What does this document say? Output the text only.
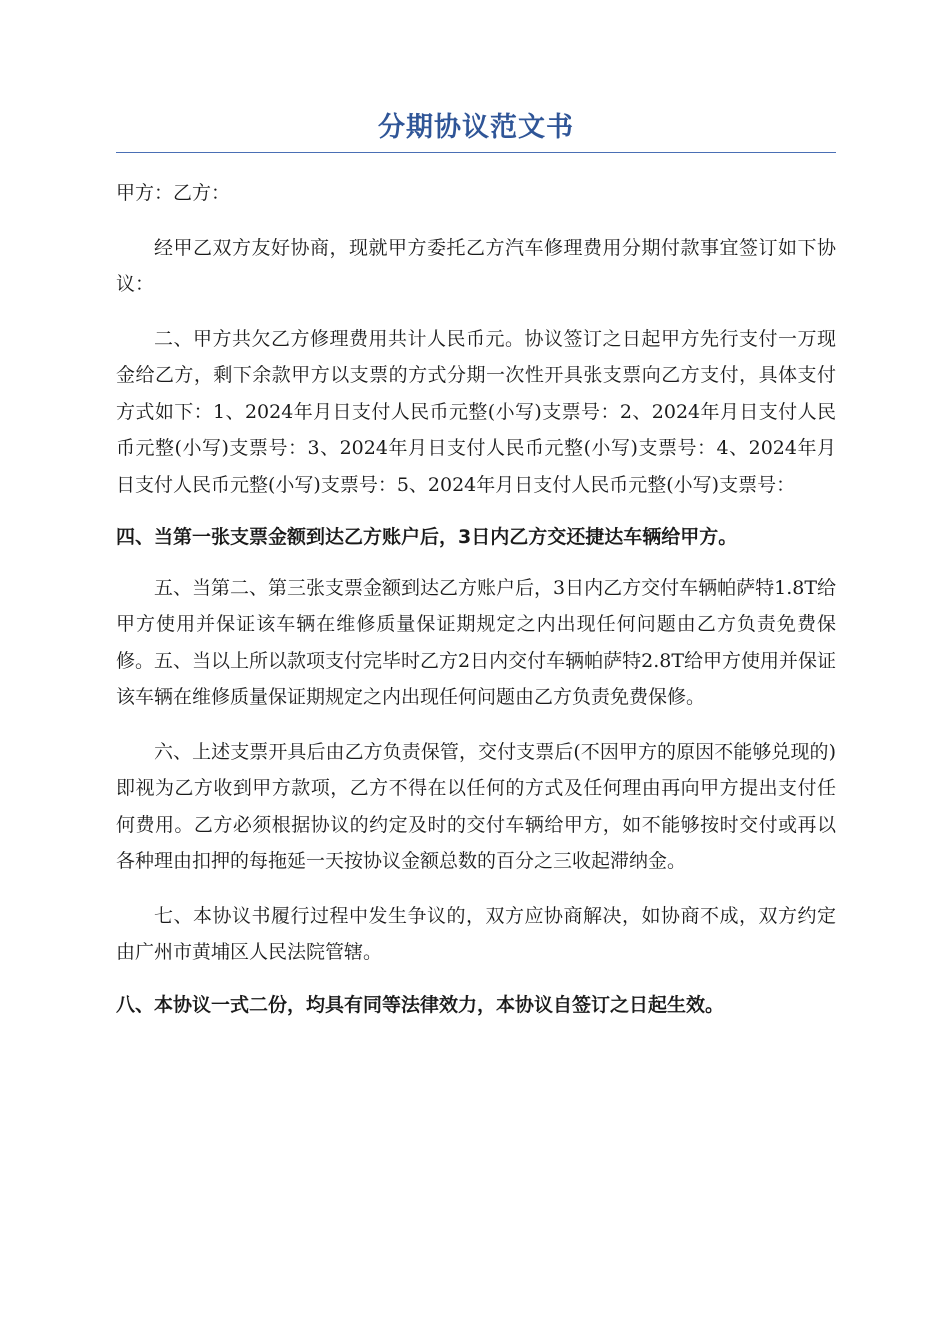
分期协议范文书

甲方：乙方：

经甲乙双方友好协商，现就甲方委托乙方汽车修理费用分期付款事宜签订如下协议：

二、甲方共欠乙方修理费用共计人民币元。协议签订之日起甲方先行支付一万现金给乙方，剩下余款甲方以支票的方式分期一次性开具张支票向乙方支付，具体支付方式如下：1、2024年月日支付人民币元整(小写)支票号：2、2024年月日支付人民币元整(小写)支票号：3、2024年月日支付人民币元整(小写)支票号：4、2024年月日支付人民币元整(小写)支票号：5、2024年月日支付人民币元整(小写)支票号：

四、当第一张支票金额到达乙方账户后，3日内乙方交还捷达车辆给甲方。

五、当第二、第三张支票金额到达乙方账户后，3日内乙方交付车辆帕萨特1.8T给甲方使用并保证该车辆在维修质量保证期规定之内出现任何问题由乙方负责免费保修。五、当以上所以款项支付完毕时乙方2日内交付车辆帕萨特2.8T给甲方使用并保证该车辆在维修质量保证期规定之内出现任何问题由乙方负责免费保修。

六、上述支票开具后由乙方负责保管，交付支票后(不因甲方的原因不能够兑现的)即视为乙方收到甲方款项，乙方不得在以任何的方式及任何理由再向甲方提出支付任何费用。乙方必须根据协议的约定及时的交付车辆给甲方，如不能够按时交付或再以各种理由扣押的每拖延一天按协议金额总数的百分之三收起滞纳金。

七、本协议书履行过程中发生争议的，双方应协商解决，如协商不成，双方约定由广州市黄埔区人民法院管辖。

八、本协议一式二份，均具有同等法律效力，本协议自签订之日起生效。
